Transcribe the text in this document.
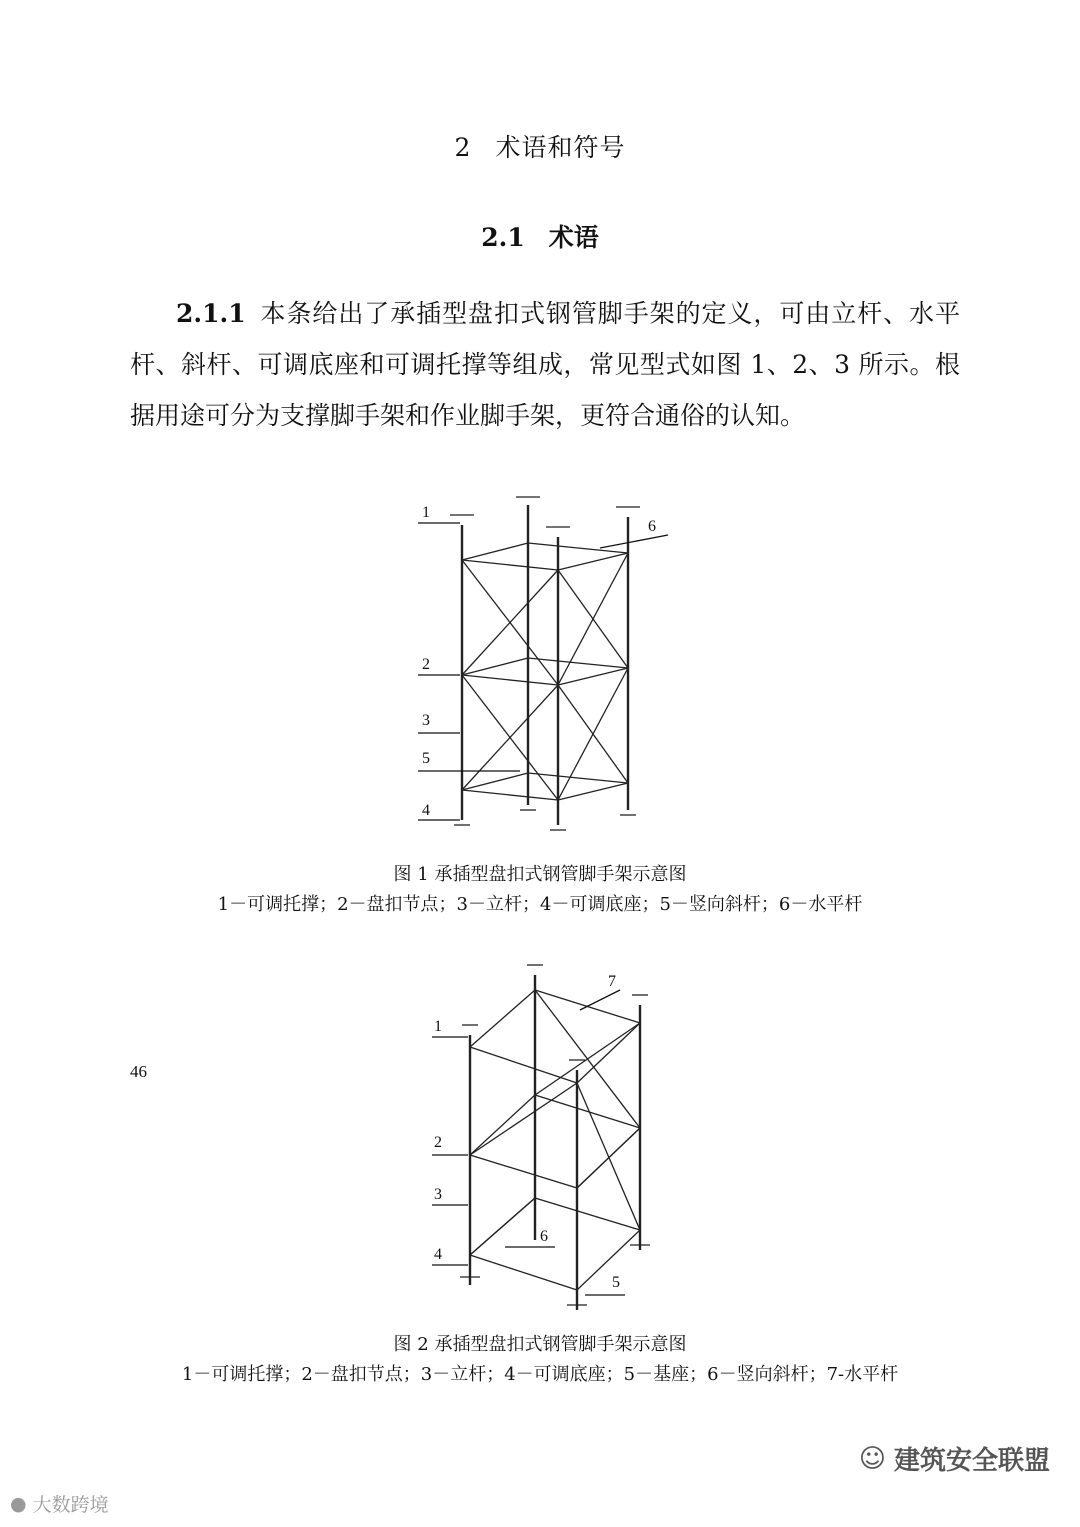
2 术语和符号
2.1 术语
2.1.1 本条给出了承插型盘扣式钢管脚手架的定义，可由立杆、水平杆、斜杆、可调底座和可调托撑等组成，常见型式如图 1、2、3 所示。根据用途可分为支撑脚手架和作业脚手架，更符合通俗的认知。
1
2
3
5
4
6
图 1 承插型盘扣式钢管脚手架示意图
1－可调托撑；2－盘扣节点；3－立杆；4－可调底座；5－竖向斜杆；6－水平杆
1
2
3
4
6
5
7
图 2 承插型盘扣式钢管脚手架示意图
1－可调托撑；2－盘扣节点；3－立杆；4－可调底座；5－基座；6－竖向斜杆；7-水平杆
46
☺ 建筑安全联盟
● 大数跨境
